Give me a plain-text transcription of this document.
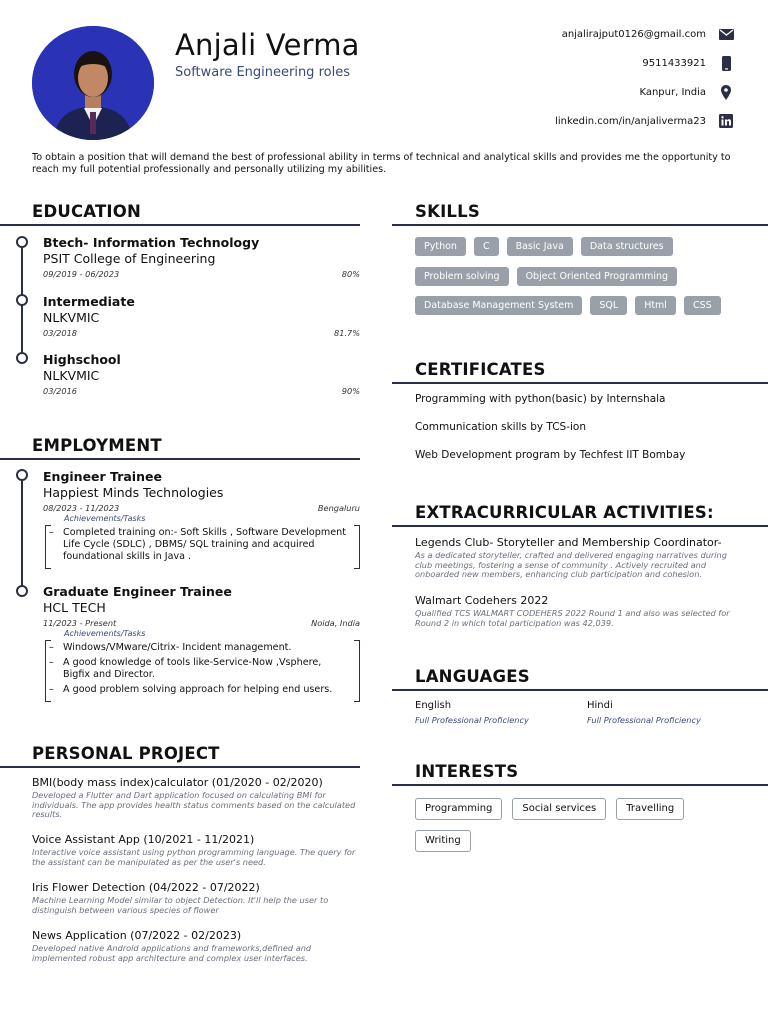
Anjali Verma
Software Engineering roles
anjalirajput0126@gmail.com
9511433921
Kanpur, India
linkedin.com/in/anjaliverma23
To obtain a position that will demand the best of professional ability in terms of technical and analytical skills and provides me the opportunity to reach my full potential professionally and personally utilizing my abilities.
EDUCATION
Btech- Information Technology
PSIT College of Engineering
09/2019 - 06/2023	80%
Intermediate
NLKVMIC
03/2018	81.7%
Highschool
NLKVMIC
03/2016	90%
EMPLOYMENT
Engineer Trainee
Happiest Minds Technologies
08/2023 - 11/2023	Bengaluru
Achievements/Tasks
– Completed training on:- Soft Skills , Software Development Life Cycle (SDLC) , DBMS/ SQL training and acquired foundational skills in Java .
Graduate Engineer Trainee
HCL TECH
11/2023 - Present	Noida, India
Achievements/Tasks
– Windows/VMware/Citrix- Incident management.
– A good knowledge of tools like-Service-Now ,Vsphere, Bigfix and Director.
– A good problem solving approach for helping end users.
PERSONAL PROJECT
BMI(body mass index)calculator (01/2020 - 02/2020)
Developed a Flutter and Dart application focused on calculating BMI for individuals. The app provides health status comments based on the calculated results.
Voice Assistant App (10/2021 - 11/2021)
Interactive voice assistant using python programming language. The query for the assistant can be manipulated as per the user's need.
Iris Flower Detection (04/2022 - 07/2022)
Machine Learning Model similar to object Detection. It'll help the user to distinguish between various species of flower
News Application (07/2022 - 02/2023)
Developed native Android applications and frameworks,defined and implemented robust app architecture and complex user interfaces.
SKILLS
Python	C	Basic Java	Data structures
Problem solving	Object Oriented Programming
Database Management System	SQL	Html	CSS
CERTIFICATES
Programming with python(basic) by Internshala
Communication skills by TCS-ion
Web Development program by Techfest IIT Bombay
EXTRACURRICULAR ACTIVITIES:
Legends Club- Storyteller and Membership Coordinator-
As a dedicated storyteller, crafted and delivered engaging narratives during club meetings, fostering a sense of community . Actively recruited and onboarded new members, enhancing club participation and cohesion.
Walmart Codehers 2022
Qualified TCS WALMART CODEHERS 2022 Round 1 and also was selected for Round 2 in which total participation was 42,039.
LANGUAGES
English
Full Professional Proficiency
Hindi
Full Professional Proficiency
INTERESTS
Programming	Social services	Travelling
Writing
